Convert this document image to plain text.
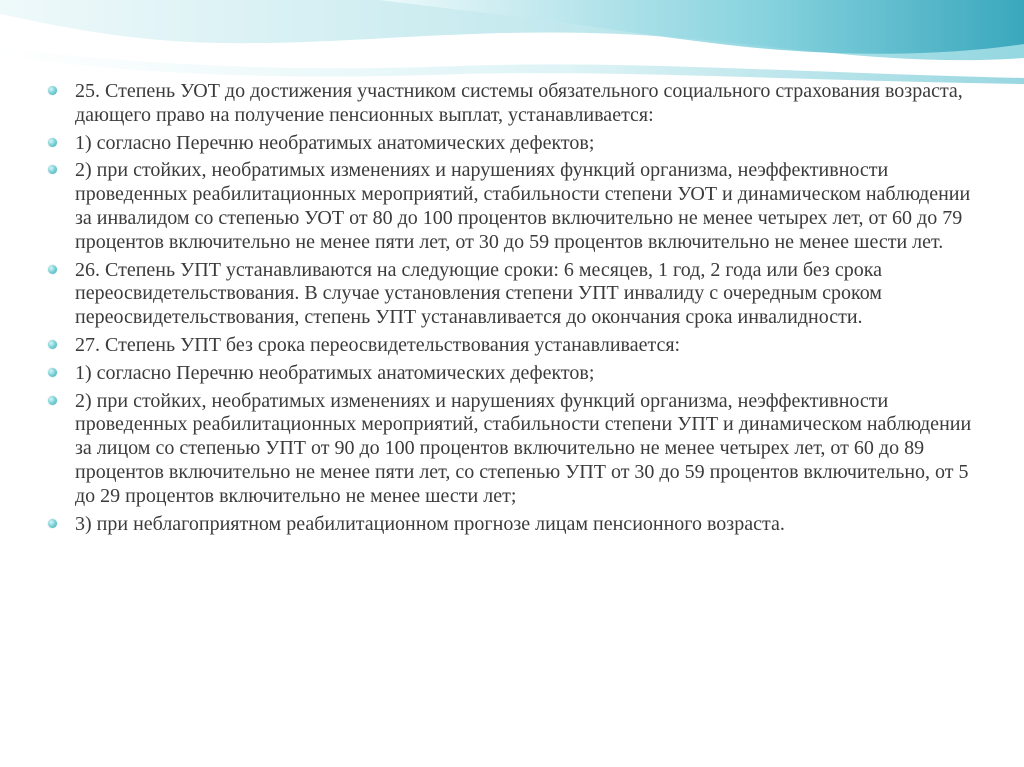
25. Степень УОТ до достижения участником системы обязательного социального страхования возраста, дающего право на получение пенсионных выплат, устанавливается:
1) согласно Перечню необратимых анатомических дефектов;
2) при стойких, необратимых изменениях и нарушениях функций организма, неэффективности проведенных реабилитационных мероприятий, стабильности степени УОТ и динамическом наблюдении за инвалидом со степенью УОТ от 80 до 100 процентов включительно не менее четырех лет, от 60 до 79 процентов включительно не менее пяти лет, от 30 до 59 процентов включительно не менее шести лет.
26. Степень УПТ устанавливаются на следующие сроки: 6 месяцев, 1 год, 2 года или без срока переосвидетельствования. В случае установления степени УПТ инвалиду с очередным сроком переосвидетельствования, степень УПТ устанавливается до окончания срока инвалидности.
27. Степень УПТ без срока переосвидетельствования устанавливается:
1) согласно Перечню необратимых анатомических дефектов;
2) при стойких, необратимых изменениях и нарушениях функций организма, неэффективности проведенных реабилитационных мероприятий, стабильности степени УПТ и динамическом наблюдении за лицом со степенью УПТ от 90 до 100 процентов включительно не менее четырех лет, от 60 до 89 процентов включительно не менее пяти лет, со степенью УПТ от 30 до 59 процентов включительно, от 5 до 29 процентов включительно не менее шести лет;
3) при неблагоприятном реабилитационном прогнозе лицам пенсионного возраста.
